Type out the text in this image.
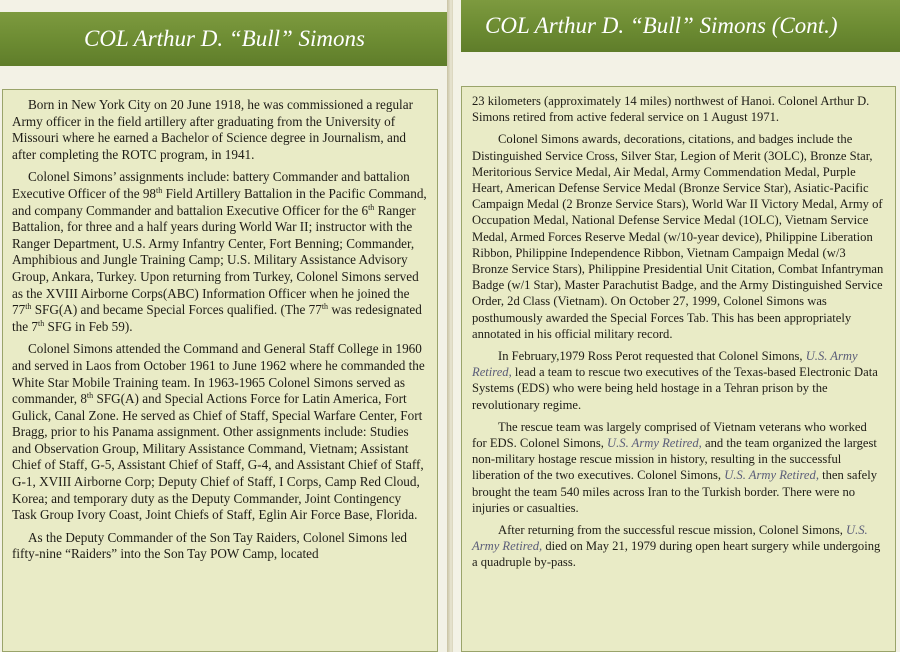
COL Arthur D. “Bull” Simons

Born in New York City on 20 June 1918, he was commissioned a regular Army officer in the field artillery after graduating from the University of Missouri where he earned a Bachelor of Science degree in Journalism, and after completing the ROTC program, in 1941.

Colonel Simons’ assignments include: battery Commander and battalion Executive Officer of the 98th Field Artillery Battalion in the Pacific Command, and company Commander and battalion Executive Officer for the 6th Ranger Battalion, for three and a half years during World War II; instructor with the Ranger Department, U.S. Army Infantry Center, Fort Benning; Commander, Amphibious and Jungle Training Camp; U.S. Military Assistance Advisory Group, Ankara, Turkey. Upon returning from Turkey, Colonel Simons served as the XVIII Airborne Corps(ABC) Information Officer when he joined the 77th SFG(A) and became Special Forces qualified. (The 77th was redesignated the 7th SFG in Feb 59).

Colonel Simons attended the Command and General Staff College in 1960 and served in Laos from October 1961 to June 1962 where he commanded the White Star Mobile Training team. In 1963-1965 Colonel Simons served as commander, 8th SFG(A) and Special Actions Force for Latin America, Fort Gulick, Canal Zone. He served as Chief of Staff, Special Warfare Center, Fort Bragg, prior to his Panama assignment. Other assignments include: Studies and Observation Group, Military Assistance Command, Vietnam; Assistant Chief of Staff, G-5, Assistant Chief of Staff, G-4, and Assistant Chief of Staff, G-1, XVIII Airborne Corp; Deputy Chief of Staff, I Corps, Camp Red Cloud, Korea; and temporary duty as the Deputy Commander, Joint Contingency Task Group Ivory Coast, Joint Chiefs of Staff, Eglin Air Force Base, Florida.

As the Deputy Commander of the Son Tay Raiders, Colonel Simons led fifty-nine “Raiders” into the Son Tay POW Camp, located

COL Arthur D. “Bull” Simons (Cont.)

23 kilometers (approximately 14 miles) northwest of Hanoi. Colonel Arthur D. Simons retired from active federal service on 1 August 1971.

Colonel Simons awards, decorations, citations, and badges include the Distinguished Service Cross, Silver Star, Legion of Merit (3OLC), Bronze Star, Meritorious Service Medal, Air Medal, Army Commendation Medal, Purple Heart, American Defense Service Medal (Bronze Service Star), Asiatic-Pacific Campaign Medal (2 Bronze Service Stars), World War II Victory Medal, Army of Occupation Medal, National Defense Service Medal (1OLC), Vietnam Service Medal, Armed Forces Reserve Medal (w/10-year device), Philippine Liberation Ribbon, Philippine Independence Ribbon, Vietnam Campaign Medal (w/3 Bronze Service Stars), Philippine Presidential Unit Citation, Combat Infantryman Badge (w/1 Star), Master Parachutist Badge, and the Army Distinguished Service Order, 2d Class (Vietnam). On October 27, 1999, Colonel Simons was posthumously awarded the Special Forces Tab. This has been appropriately annotated in his official military record.

In February,1979 Ross Perot requested that Colonel Simons, U.S. Army Retired, lead a team to rescue two executives of the Texas-based Electronic Data Systems (EDS) who were being held hostage in a Tehran prison by the revolutionary regime.

The rescue team was largely comprised of Vietnam veterans who worked for EDS. Colonel Simons, U.S. Army Retired, and the team organized the largest non-military hostage rescue mission in history, resulting in the successful liberation of the two executives. Colonel Simons, U.S. Army Retired, then safely brought the team 540 miles across Iran to the Turkish border. There were no injuries or casualties.

After returning from the successful rescue mission, Colonel Simons, U.S. Army Retired, died on May 21, 1979 during open heart surgery while undergoing a quadruple by-pass.
